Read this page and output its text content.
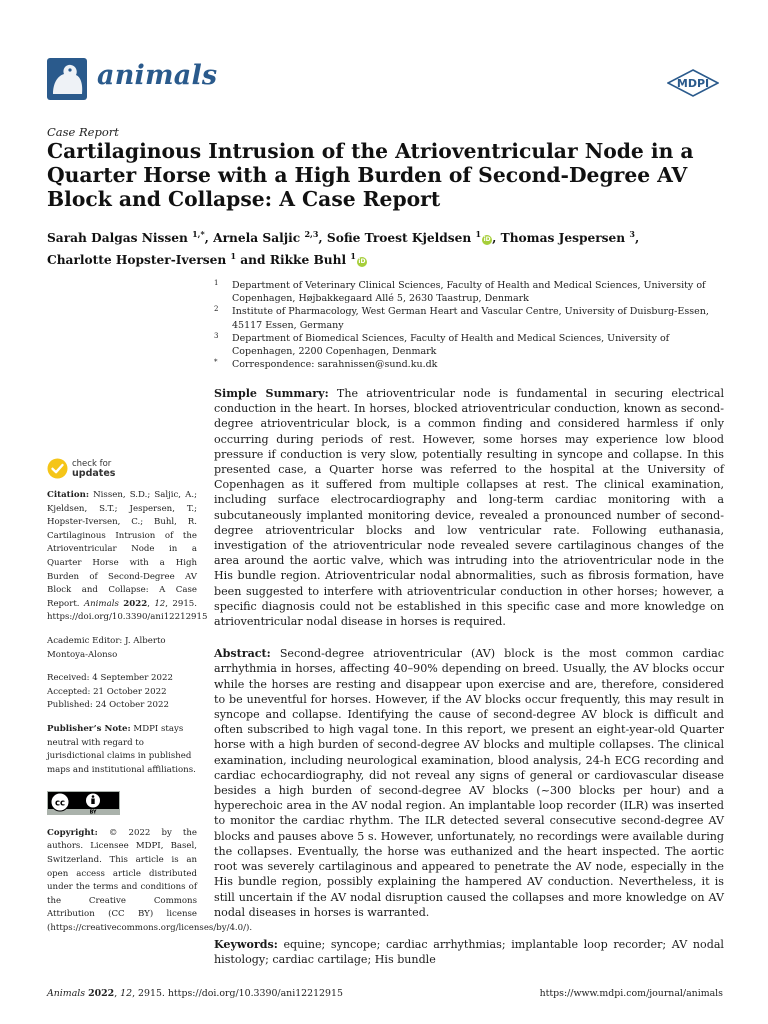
animals	MDPI
Case Report
Cartilaginous Intrusion of the Atrioventricular Node in a Quarter Horse with a High Burden of Second-Degree AV Block and Collapse: A Case Report
Sarah Dalgas Nissen $^{1,*}$, Arnela Saljic $^{2,3}$, Sofie Troest Kjeldsen $^1$iD, Thomas Jespersen $^3$,
Charlotte Hopster-Iversen $^1$ and Rikke Buhl $^1$iD
1 Department of Veterinary Clinical Sciences, Faculty of Health and Medical Sciences, University of Copenhagen, Højbakkegaard Allé 5, 2630 Taastrup, Denmark
2 Institute of Pharmacology, West German Heart and Vascular Centre, University of Duisburg-Essen, 45117 Essen, Germany
3 Department of Biomedical Sciences, Faculty of Health and Medical Sciences, University of Copenhagen, 2200 Copenhagen, Denmark
* Correspondence: sarahnissen@sund.ku.dk
check for
updates
Citation: Nissen, S.D.; Saljic, A.; Kjeldsen, S.T.; Jespersen, T.; Hopster-Iversen, C.; Buhl, R. Cartilaginous Intrusion of the Atrioventricular Node in a Quarter Horse with a High Burden of Second-Degree AV Block and Collapse: A Case Report. Animals 2022, 12, 2915. https://doi.org/10.3390/ani12212915
Academic Editor: J. Alberto Montoya-Alonso
Received: 4 September 2022
Accepted: 21 October 2022
Published: 24 October 2022
Publisher’s Note: MDPI stays neutral with regard to jurisdictional claims in published maps and institutional affiliations.
cc
BY
Copyright: © 2022 by the authors. Licensee MDPI, Basel, Switzerland. This article is an open access article distributed under the terms and conditions of the Creative Commons Attribution (CC BY) license (https://creativecommons.org/licenses/by/4.0/).

Simple Summary: The atrioventricular node is fundamental in securing electrical conduction in the heart. In horses, blocked atrioventricular conduction, known as second-degree atrioventricular block, is a common finding and considered harmless if only occurring during periods of rest. However, some horses may experience low blood pressure if conduction is very slow, potentially resulting in syncope and collapse. In this presented case, a Quarter horse was referred to the hospital at the University of Copenhagen as it suffered from multiple collapses at rest. The clinical examination, including surface electrocardiography and long-term cardiac monitoring with a subcutaneously implanted monitoring device, revealed a pronounced number of second-degree atrioventricular blocks and low ventricular rate. Following euthanasia, investigation of the atrioventricular node revealed severe cartilaginous changes of the area around the aortic valve, which was intruding into the atrioventricular node in the His bundle region. Atrioventricular nodal abnormalities, such as fibrosis formation, have been suggested to interfere with atrioventricular conduction in other horses; however, a specific diagnosis could not be established in this specific case and more knowledge on atrioventricular nodal disease in horses is required.

Abstract: Second-degree atrioventricular (AV) block is the most common cardiac arrhythmia in horses, affecting 40–90% depending on breed. Usually, the AV blocks occur while the horses are resting and disappear upon exercise and are, therefore, considered to be uneventful for horses. However, if the AV blocks occur frequently, this may result in syncope and collapse. Identifying the cause of second-degree AV block is difficult and often subscribed to high vagal tone. In this report, we present an eight-year-old Quarter horse with a high burden of second-degree AV blocks and multiple collapses. The clinical examination, including neurological examination, blood analysis, 24-h ECG recording and cardiac echocardiography, did not reveal any signs of general or cardiovascular disease besides a high burden of second-degree AV blocks (~300 blocks per hour) and a hyperechoic area in the AV nodal region. An implantable loop recorder (ILR) was inserted to monitor the cardiac rhythm. The ILR detected several consecutive second-degree AV blocks and pauses above 5 s. However, unfortunately, no recordings were available during the collapses. Eventually, the horse was euthanized and the heart inspected. The aortic root was severely cartilaginous and appeared to penetrate the AV node, especially in the His bundle region, possibly explaining the hampered AV conduction. Nevertheless, it is still uncertain if the AV nodal disruption caused the collapses and more knowledge on AV nodal diseases in horses is warranted.

Keywords: equine; syncope; cardiac arrhythmias; implantable loop recorder; AV nodal histology; cardiac cartilage; His bundle

Animals 2022, 12, 2915. https://doi.org/10.3390/ani12212915	https://www.mdpi.com/journal/animals
